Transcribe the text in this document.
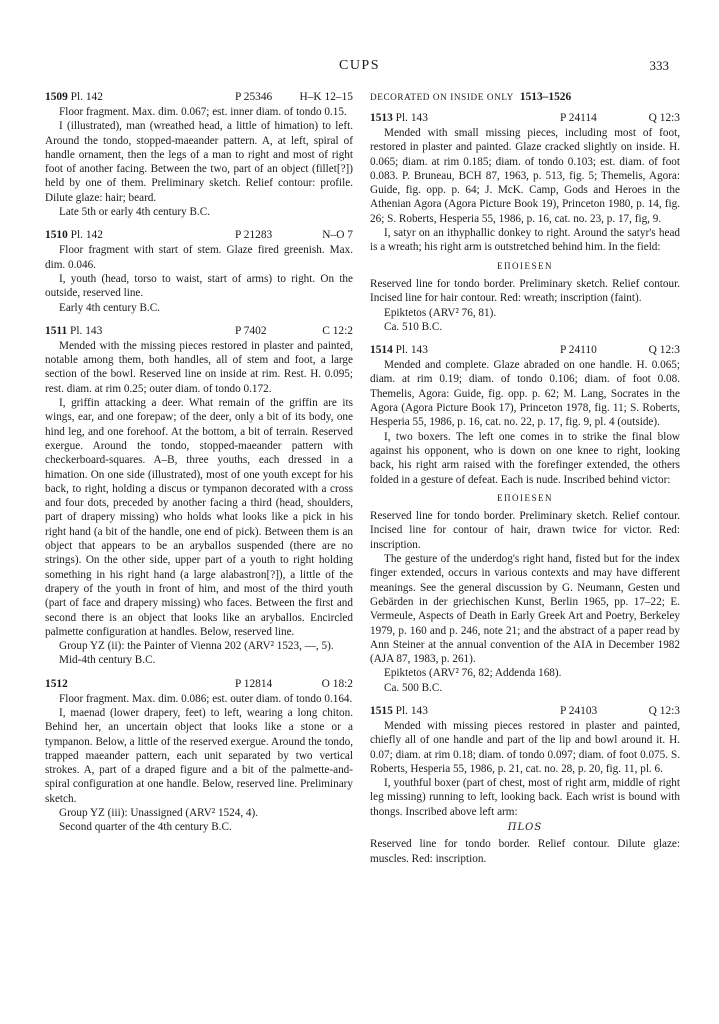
CUPS	333
1509 Pl. 142	P 25346 H–K 12–15

Floor fragment. Max. dim. 0.067; est. inner diam. of tondo 0.15.

I (illustrated), man (wreathed head, a little of himation) to left. Around the tondo, stopped-maeander pattern. A, at left, spiral of handle ornament, then the legs of a man to right and most of right foot of another facing. Between the two, part of an object (fillet[?]) held by one of them. Preliminary sketch. Relief contour: profile. Dilute glaze: hair; beard.

Late 5th or early 4th century B.C.

1510 Pl. 142	P 21283	N–O 7

Floor fragment with start of stem. Glaze fired greenish. Max. dim. 0.046.

I, youth (head, torso to waist, start of arms) to right. On the outside, reserved line.

Early 4th century B.C.

1511 Pl. 143	P 7402	C 12:2

Mended with the missing pieces restored in plaster and painted, notable among them, both handles, all of stem and foot, a large section of the bowl. Reserved line on inside at rim. Rest. H. 0.095; rest. diam. at rim 0.25; outer diam. of tondo 0.172.

I, griffin attacking a deer. What remain of the griffin are its wings, ear, and one forepaw; of the deer, only a bit of its body, one hind leg, and one forehoof. At the bottom, a bit of terrain. Reserved exergue. Around the tondo, stopped-maeander pattern with checkerboard-squares. A–B, three youths, each dressed in a himation. On one side (illustrated), most of one youth except for his back, to right, holding a discus or tympanon decorated with a cross and four dots, preceded by another facing a third (head, shoulders, part of drapery missing) who holds what looks like a pick in his right hand (a bit of the handle, one end of pick). Between them is an object that appears to be an aryballos suspended (there are no strings). On the other side, upper part of a youth to right holding something in his right hand (a large alabastron[?]), a little of the drapery of the youth in front of him, and most of the third youth (part of face and drapery missing) who faces. Between the first and second there is an object that looks like an aryballos. Encircled palmette configuration at handles. Below, reserved line.

Group YZ (ii): the Painter of Vienna 202 (ARV² 1523, —, 5).

Mid-4th century B.C.

1512	P 12814	O 18:2

Floor fragment. Max. dim. 0.086; est. outer diam. of tondo 0.164.

I, maenad (lower drapery, feet) to left, wearing a long chiton. Behind her, an uncertain object that looks like a stone or a tympanon. Below, a little of the reserved exergue. Around the tondo, trapped maeander pattern, each unit separated by two vertical strokes. A, part of a draped figure and a bit of the palmette-and-spiral configuration at one handle. Below, reserved line. Preliminary sketch.

Group YZ (iii): Unassigned (ARV² 1524, 4).

Second quarter of the 4th century B.C.

DECORATED ON INSIDE ONLY 1513–1526
1513 Pl. 143	P 24114	Q 12:3

Mended with small missing pieces, including most of foot, restored in plaster and painted. Glaze cracked slightly on inside. H. 0.065; diam. at rim 0.185; diam. of tondo 0.103; est. diam. of foot 0.083. P. Bruneau, BCH 87, 1963, p. 513, fig. 5; Themelis, Agora: Guide, fig. opp. p. 64; J. McK. Camp, Gods and Heroes in the Athenian Agora (Agora Picture Book 19), Princeton 1980, p. 14, fig. 26; S. Roberts, Hesperia 55, 1986, p. 16, cat. no. 23, p. 17, fig, 9.

I, satyr on an ithyphallic donkey to right. Around the satyr's head is a wreath; his right arm is outstretched behind him. In the field:

EΠOIESEN

Reserved line for tondo border. Preliminary sketch. Relief contour. Incised line for hair contour. Red: wreath; inscription (faint).

Epiktetos (ARV² 76, 81).

Ca. 510 B.C.

1514 Pl. 143	P 24110	Q 12:3

Mended and complete. Glaze abraded on one handle. H. 0.065; diam. at rim 0.19; diam. of tondo 0.106; diam. of foot 0.08. Themelis, Agora: Guide, fig. opp. p. 62; M. Lang, Socrates in the Agora (Agora Picture Book 17), Princeton 1978, fig. 11; S. Roberts, Hesperia 55, 1986, p. 16, cat. no. 22, p. 17, fig. 9, pl. 4 (outside).

I, two boxers. The left one comes in to strike the final blow against his opponent, who is down on one knee to right, looking back, his right arm raised with the forefinger extended, the others folded in a gesture of defeat. Each is nude. Inscribed behind victor:

EΠOIESEN

Reserved line for tondo border. Preliminary sketch. Relief contour. Incised line for contour of hair, drawn twice for victor. Red: inscription.

The gesture of the underdog's right hand, fisted but for the index finger extended, occurs in various contexts and may have different meanings. See the general discussion by G. Neumann, Gesten und Gebärden in der griechischen Kunst, Berlin 1965, pp. 17–22; E. Vermeule, Aspects of Death in Early Greek Art and Poetry, Berkeley 1979, p. 160 and p. 246, note 21; and the abstract of a paper read by Ann Steiner at the annual convention of the AIA in December 1982 (AJA 87, 1983, p. 261).

Epiktetos (ARV² 76, 82; Addenda 168).

Ca. 500 B.C.

1515 Pl. 143	P 24103	Q 12:3

Mended with missing pieces restored in plaster and painted, chiefly all of one handle and part of the lip and bowl around it. H. 0.07; diam. at rim 0.18; diam. of tondo 0.097; diam. of foot 0.075. S. Roberts, Hesperia 55, 1986, p. 21, cat. no. 28, p. 20, fig. 11, pl. 6.

I, youthful boxer (part of chest, most of right arm, middle of right leg missing) running to left, looking back. Each wrist is bound with thongs. Inscribed above left arm:

ΠLOS

Reserved line for tondo border. Relief contour. Dilute glaze: muscles. Red: inscription.
